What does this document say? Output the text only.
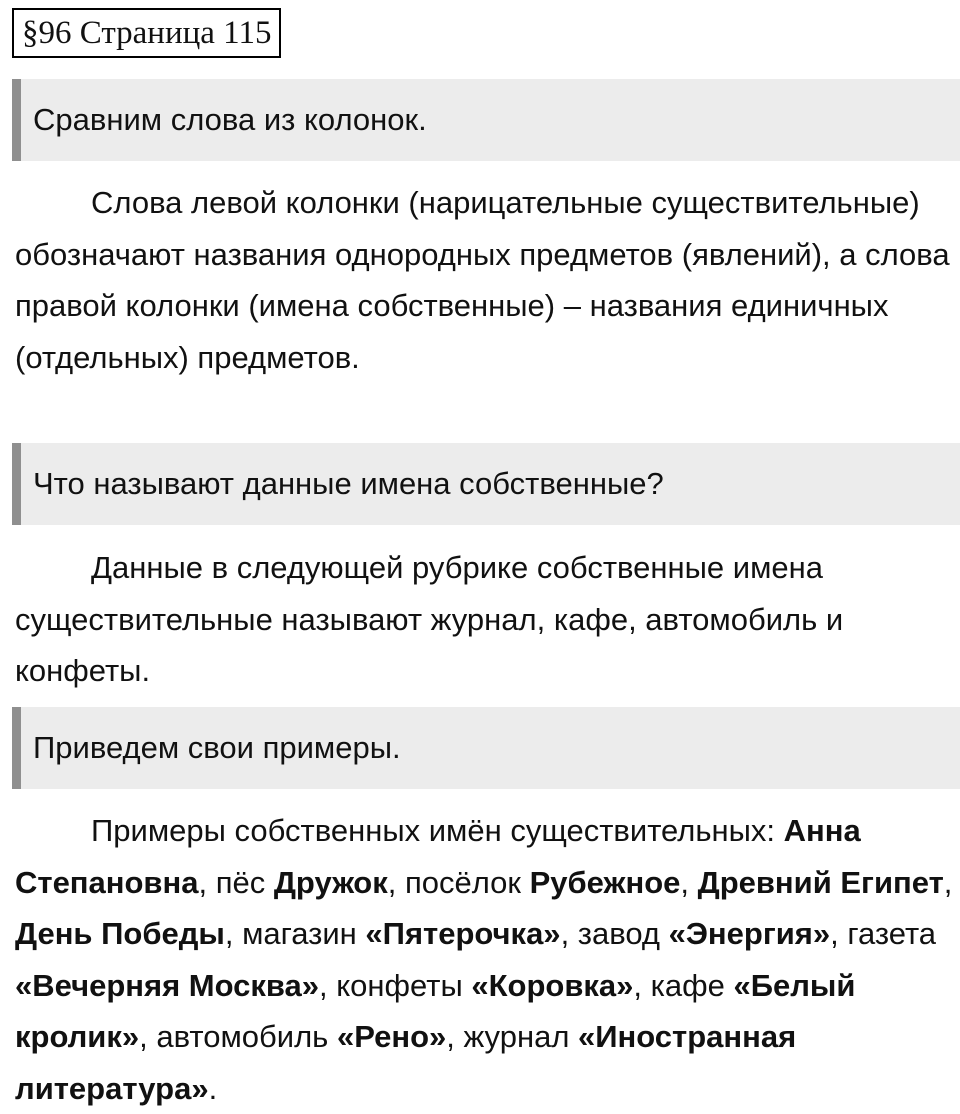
§96 Страница 115
Сравним слова из колонок.

Слова левой колонки (нарицательные существительные) обозначают названия однородных предметов (явлений), а слова правой колонки (имена собственные) – названия единичных (отдельных) предметов.

Что называют данные имена собственные?

Данные в следующей рубрике собственные имена существительные называют журнал, кафе, автомобиль и конфеты.

Приведем свои примеры.

Примеры собственных имён существительных: Анна Степановна, пёс Дружок, посёлок Рубежное, Древний Египет, День Победы, магазин «Пятерочка», завод «Энергия», газета «Вечерняя Москва», конфеты «Коровка», кафе «Белый кролик», автомобиль «Рено», журнал «Иностранная литература».
